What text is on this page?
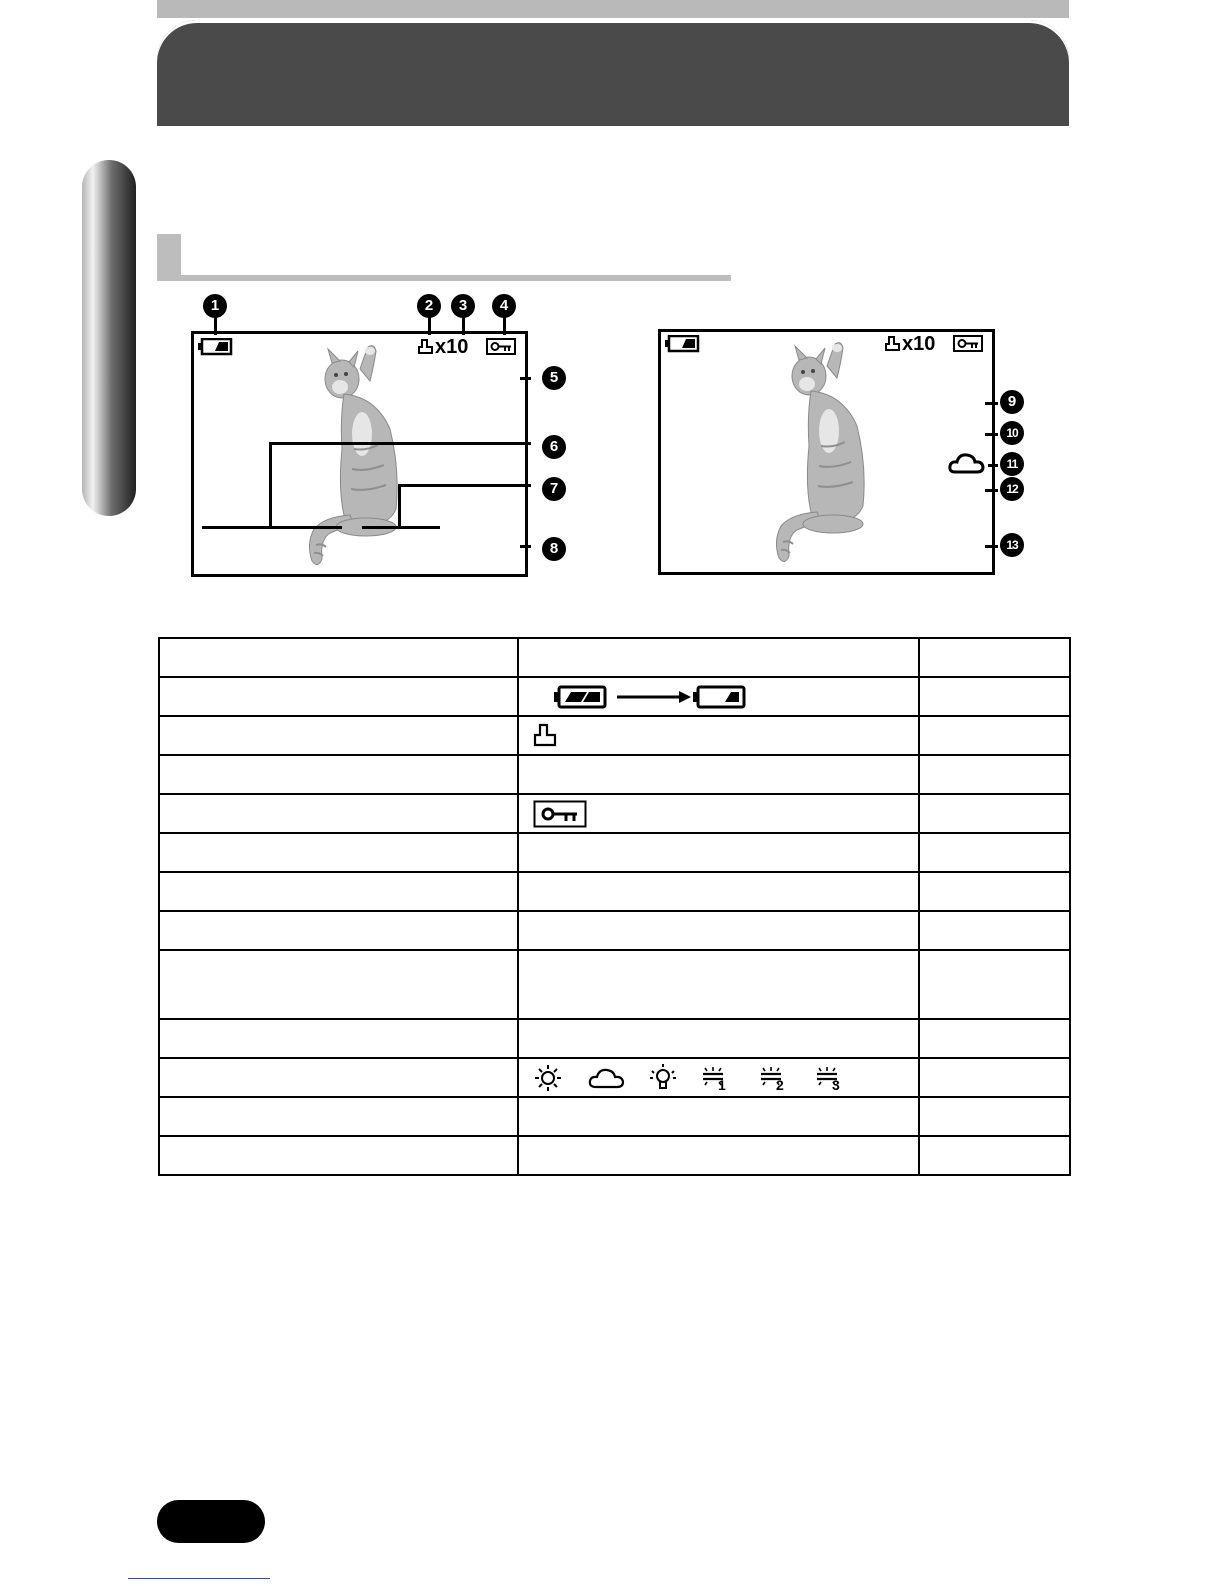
x10
1	2	3	4
5
6
7
8
x10
9
10
11
12
13

1 2 3	
